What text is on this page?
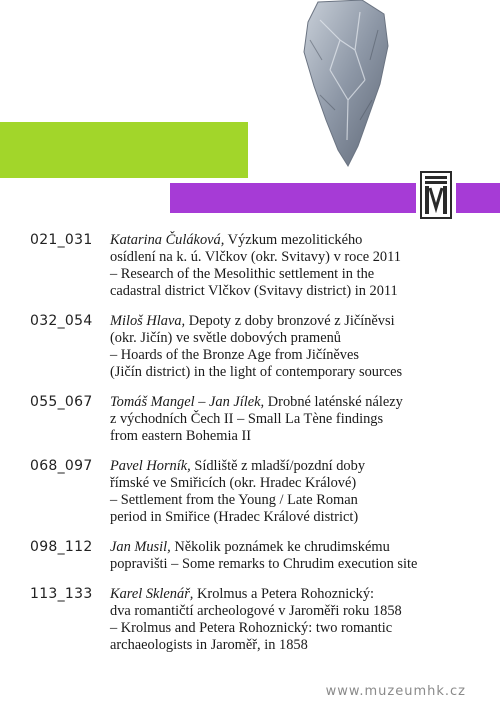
021_031	Katarina Čuláková, Výzkum mezolitického
osídlení na k. ú. Vlčkov (okr. Svitavy) v roce 2011
– Research of the Mesolithic settlement in the
cadastral district Vlčkov (Svitavy district) in 2011
032_054	Miloš Hlava, Depoty z doby bronzové z Jičíněvsi
(okr. Jičín) ve světle dobových pramenů
– Hoards of the Bronze Age from Jičíněves
(Jičín district) in the light of contemporary sources
055_067	Tomáš Mangel – Jan Jílek, Drobné laténské nálezy
z východních Čech II – Small La Tène findings
from eastern Bohemia II
068_097	Pavel Horník, Sídliště z mladší/pozdní doby
římské ve Smiřicích (okr. Hradec Králové)
– Settlement from the Young / Late Roman
period in Smiřice (Hradec Králové district)
098_112	Jan Musil, Několik poznámek ke chrudimskému
popravišti – Some remarks to Chrudim execution site
113_133	Karel Sklenář, Krolmus a Petera Rohoznický:
dva romantičtí archeologové v Jaroměři roku 1858
– Krolmus and Petera Rohoznický: two romantic
archaeologists in Jaroměř, in 1858
www.muzeumhk.cz
